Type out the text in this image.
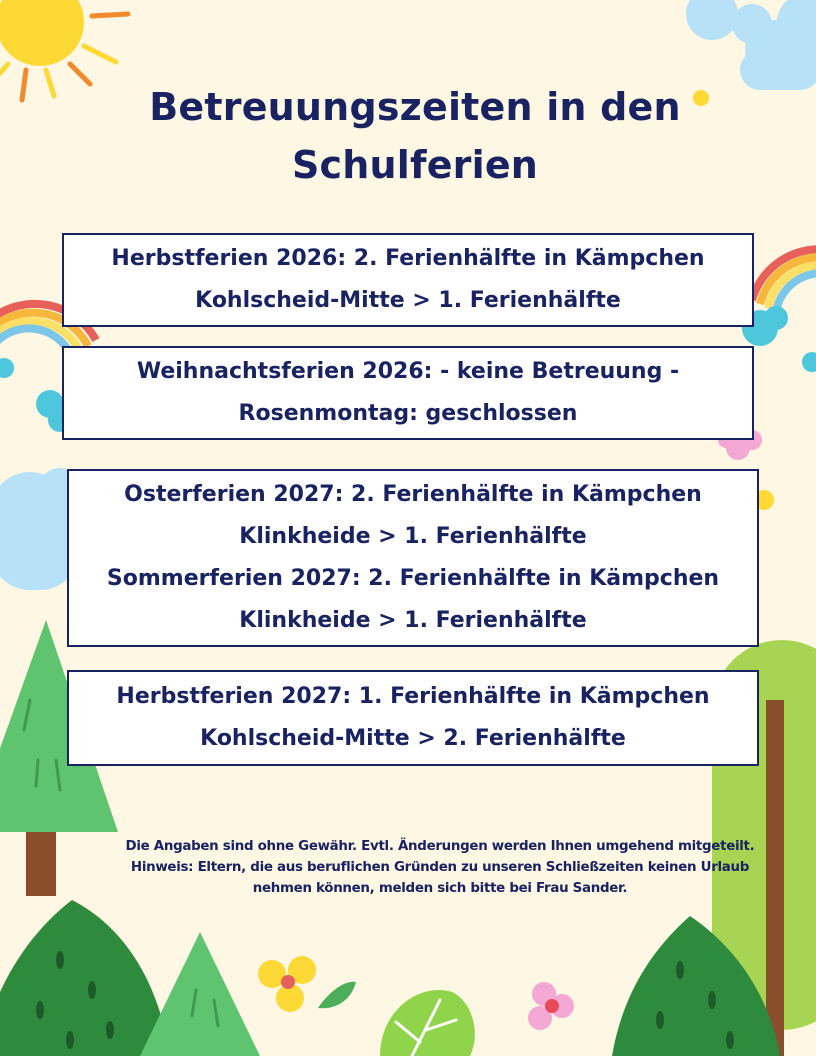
Betreuungszeiten in den
Schulferien
Herbstferien 2026: 2. Ferienhälfte in Kämpchen
Kohlscheid-Mitte > 1. Ferienhälfte
Weihnachtsferien 2026: - keine Betreuung -
Rosenmontag: geschlossen
Osterferien 2027: 2. Ferienhälfte in Kämpchen
Klinkheide > 1. Ferienhälfte
Sommerferien 2027: 2. Ferienhälfte in Kämpchen
Klinkheide > 1. Ferienhälfte
Herbstferien 2027: 1. Ferienhälfte in Kämpchen
Kohlscheid-Mitte > 2. Ferienhälfte
Die Angaben sind ohne Gewähr. Evtl. Änderungen werden Ihnen umgehend mitgeteilt.
Hinweis: Eltern, die aus beruflichen Gründen zu unseren Schließzeiten keinen Urlaub
nehmen können, melden sich bitte bei Frau Sander.
